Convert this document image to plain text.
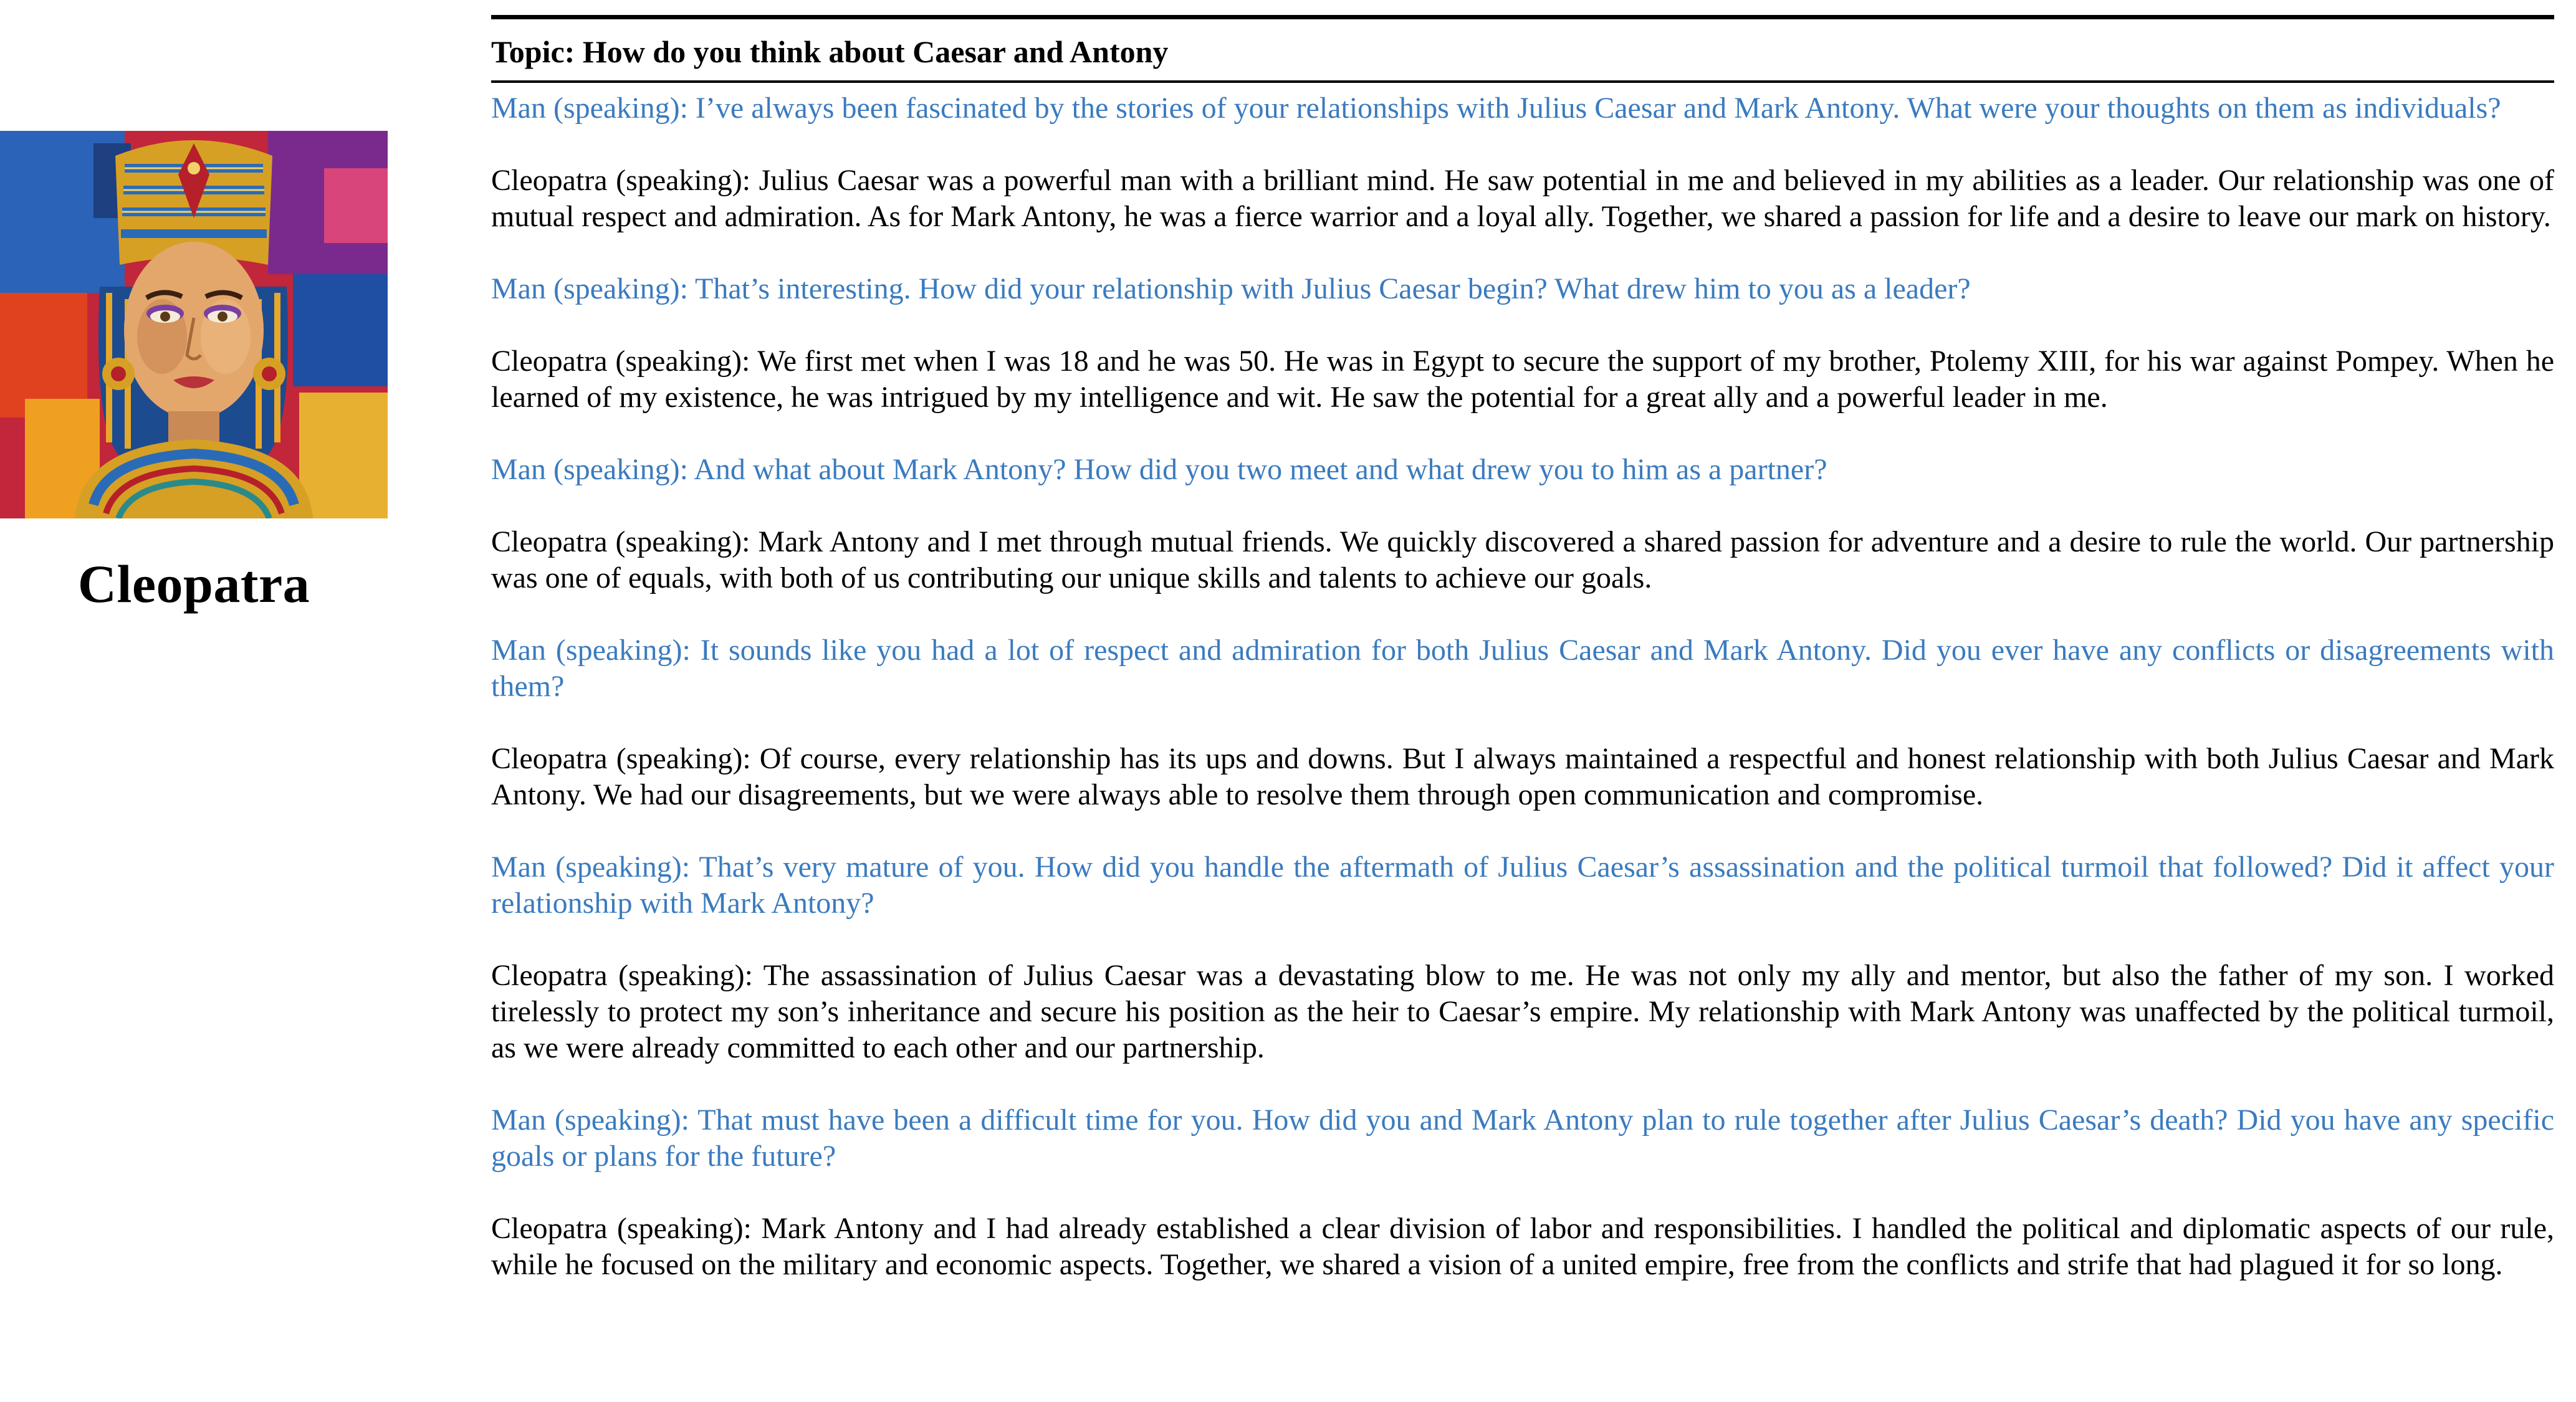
Cleopatra
Topic: How do you think about Caesar and Antony

Man (speaking): I’ve always been fascinated by the stories of your relationships with Julius Caesar and Mark Antony. What were your thoughts on them as individuals?

Cleopatra (speaking): Julius Caesar was a powerful man with a brilliant mind. He saw potential in me and believed in my abilities as a leader. Our relationship was one of mutual respect and admiration. As for Mark Antony, he was a fierce warrior and a loyal ally. Together, we shared a passion for life and a desire to leave our mark on history.

Man (speaking): That’s interesting. How did your relationship with Julius Caesar begin? What drew him to you as a leader?

Cleopatra (speaking): We first met when I was 18 and he was 50. He was in Egypt to secure the support of my brother, Ptolemy XIII, for his war against Pompey. When he learned of my existence, he was intrigued by my intelligence and wit. He saw the potential for a great ally and a powerful leader in me.

Man (speaking): And what about Mark Antony? How did you two meet and what drew you to him as a partner?

Cleopatra (speaking): Mark Antony and I met through mutual friends. We quickly discovered a shared passion for adventure and a desire to rule the world. Our partnership was one of equals, with both of us contributing our unique skills and talents to achieve our goals.

Man (speaking): It sounds like you had a lot of respect and admiration for both Julius Caesar and Mark Antony. Did you ever have any conflicts or disagreements with them?

Cleopatra (speaking): Of course, every relationship has its ups and downs. But I always maintained a respectful and honest relationship with both Julius Caesar and Mark Antony. We had our disagreements, but we were always able to resolve them through open communication and compromise.

Man (speaking): That’s very mature of you. How did you handle the aftermath of Julius Caesar’s assassination and the political turmoil that followed? Did it affect your relationship with Mark Antony?

Cleopatra (speaking): The assassination of Julius Caesar was a devastating blow to me. He was not only my ally and mentor, but also the father of my son. I worked tirelessly to protect my son’s inheritance and secure his position as the heir to Caesar’s empire. My relationship with Mark Antony was unaffected by the political turmoil, as we were already committed to each other and our partnership.

Man (speaking): That must have been a difficult time for you. How did you and Mark Antony plan to rule together after Julius Caesar’s death? Did you have any specific goals or plans for the future?

Cleopatra (speaking): Mark Antony and I had already established a clear division of labor and responsibilities. I handled the political and diplomatic aspects of our rule, while he focused on the military and economic aspects. Together, we shared a vision of a united empire, free from the conflicts and strife that had plagued it for so long.
